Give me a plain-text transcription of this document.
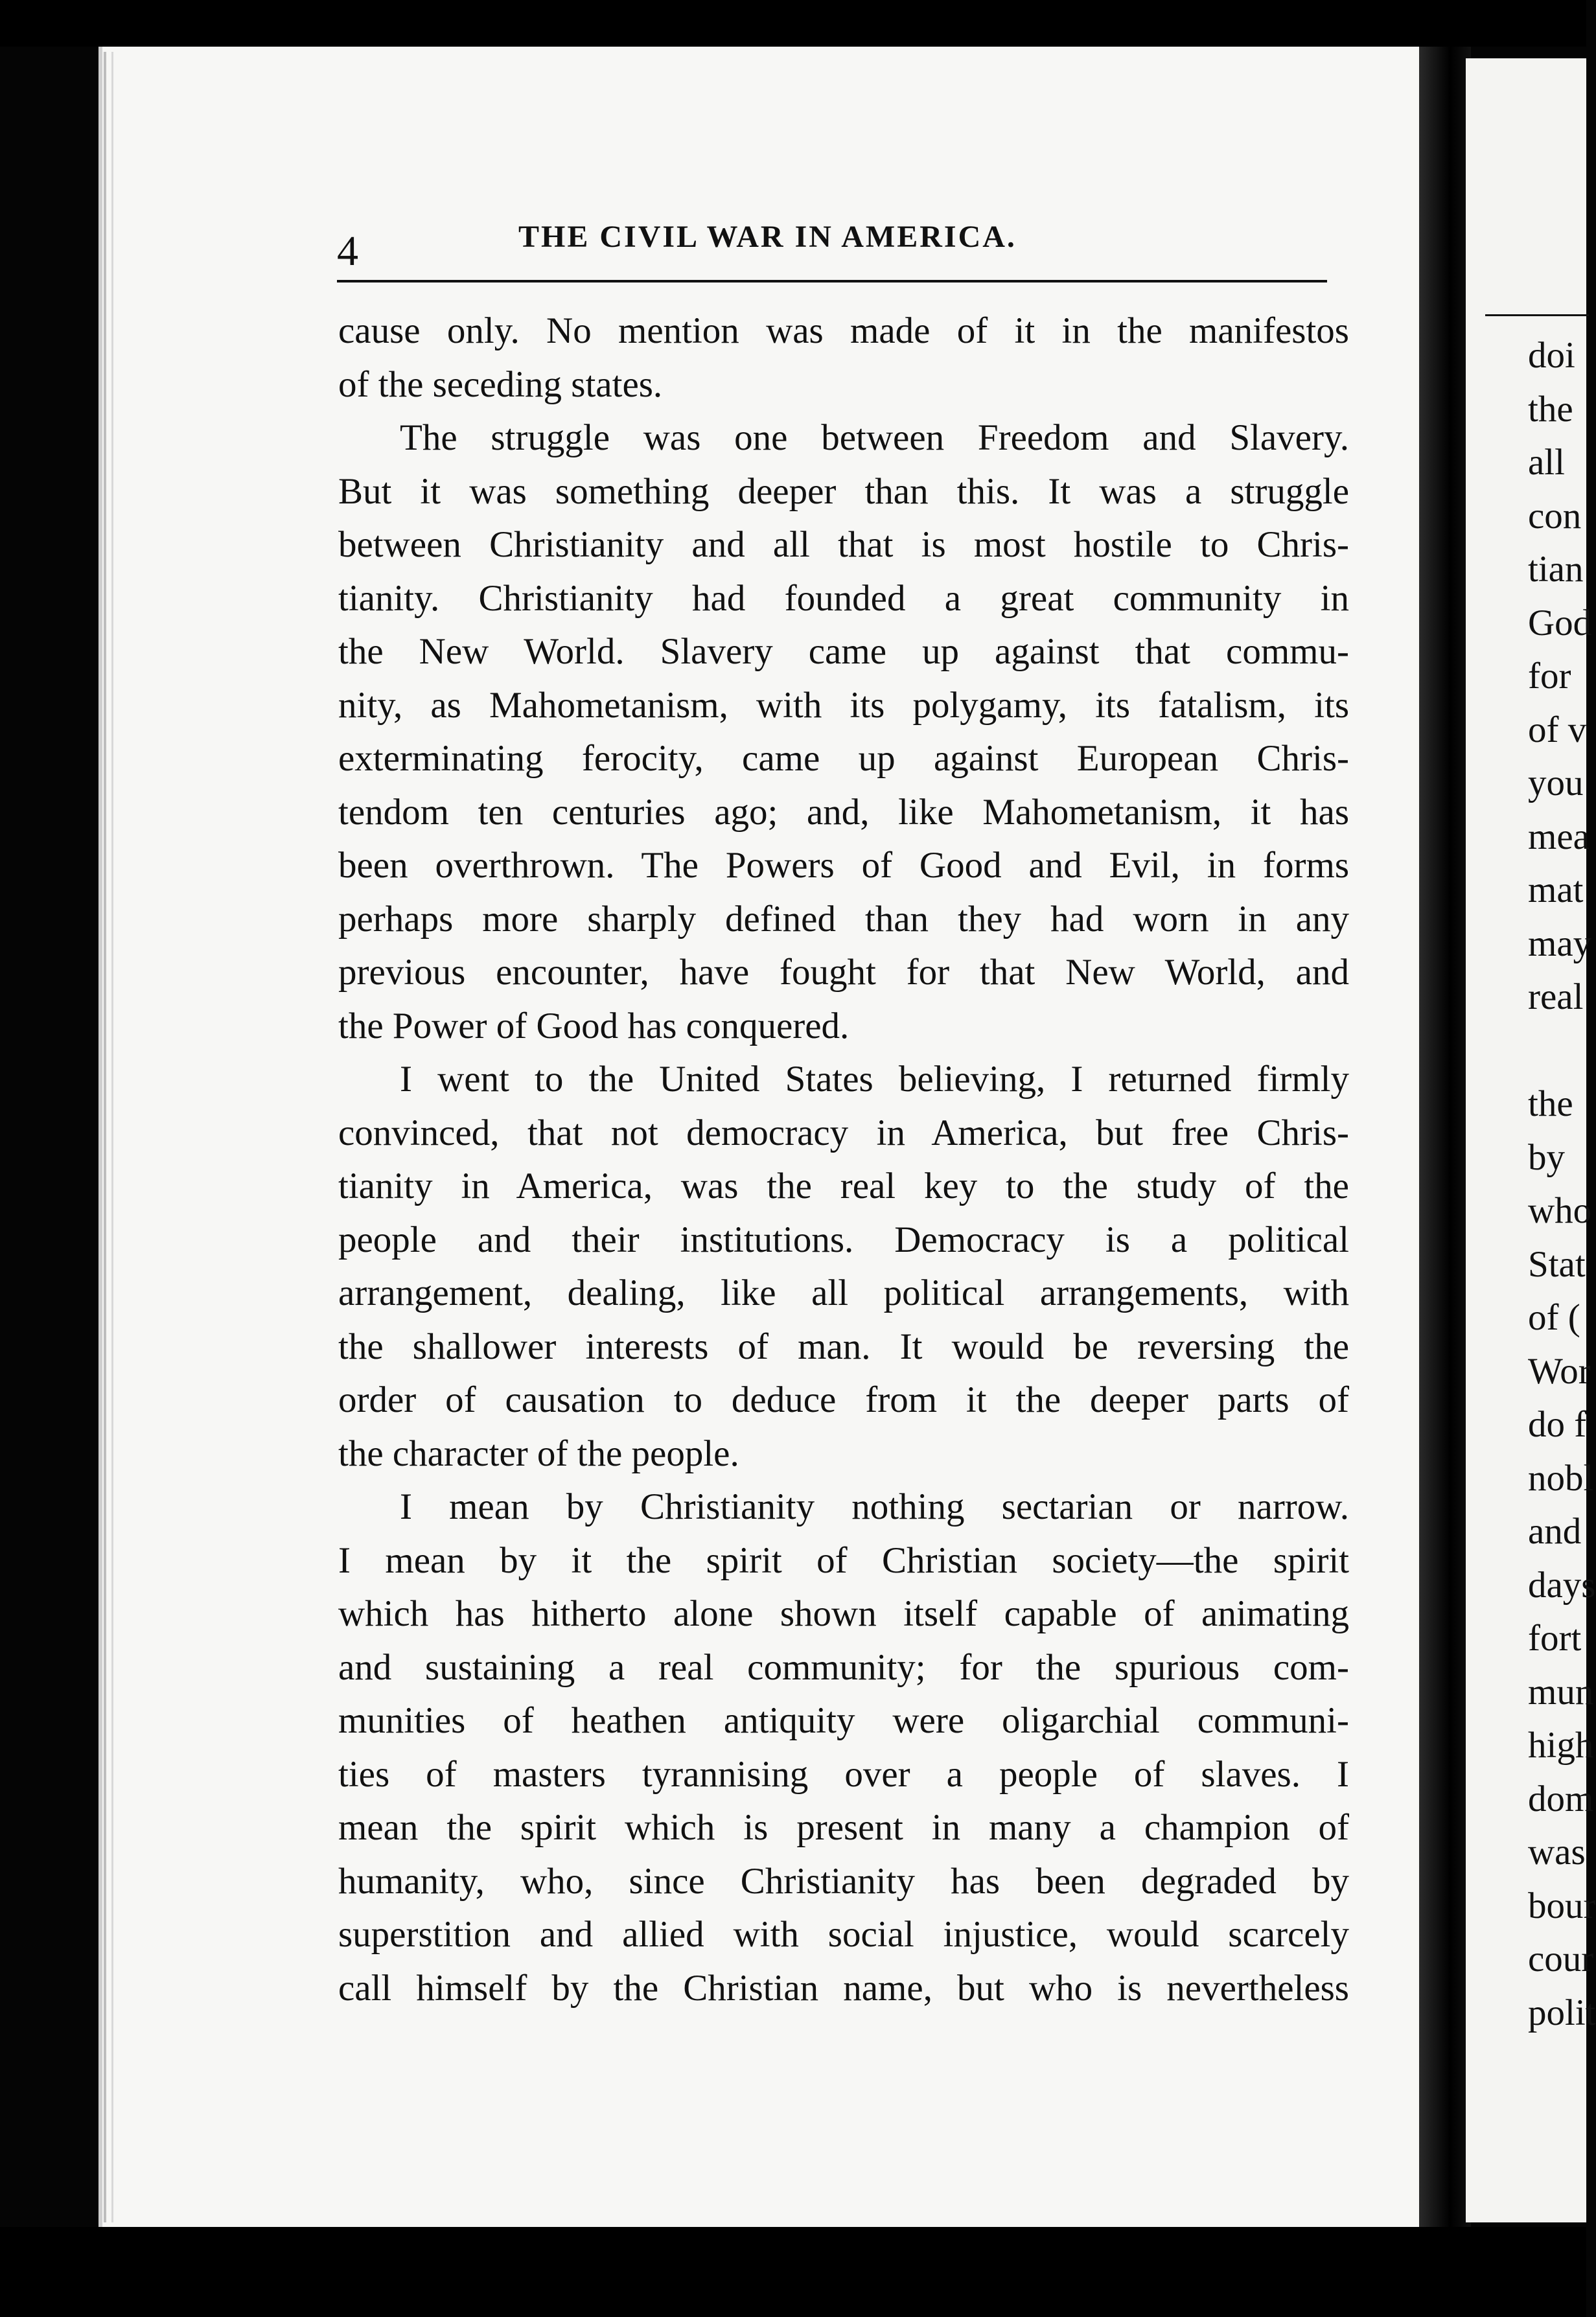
doi
the
all
con
tian
God
for
of v
you
mea
mat
may
real
the
by
who
Stat
of (
Wor
do f
nobl
and
days
fort
mun
high
dom
was
bour
cour
polit
4	THE CIVIL WAR IN AMERICA.
cause only. No mention was made of it in the manifestos
of the seceding states.
The struggle was one between Freedom and Slavery.
But it was something deeper than this. It was a struggle
between Christianity and all that is most hostile to Chris-
tianity. Christianity had founded a great community in
the New World. Slavery came up against that commu-
nity, as Mahometanism, with its polygamy, its fatalism, its
exterminating ferocity, came up against European Chris-
tendom ten centuries ago; and, like Mahometanism, it has
been overthrown. The Powers of Good and Evil, in forms
perhaps more sharply defined than they had worn in any
previous encounter, have fought for that New World, and
the Power of Good has conquered.
I went to the United States believing, I returned firmly
convinced, that not democracy in America, but free Chris-
tianity in America, was the real key to the study of the
people and their institutions. Democracy is a political
arrangement, dealing, like all political arrangements, with
the shallower interests of man. It would be reversing the
order of causation to deduce from it the deeper parts of
the character of the people.
I mean by Christianity nothing sectarian or narrow.
I mean by it the spirit of Christian society—the spirit
which has hitherto alone shown itself capable of animating
and sustaining a real community; for the spurious com-
munities of heathen antiquity were oligarchial communi-
ties of masters tyrannising over a people of slaves. I
mean the spirit which is present in many a champion of
humanity, who, since Christianity has been degraded by
superstition and allied with social injustice, would scarcely
call himself by the Christian name, but who is nevertheless
